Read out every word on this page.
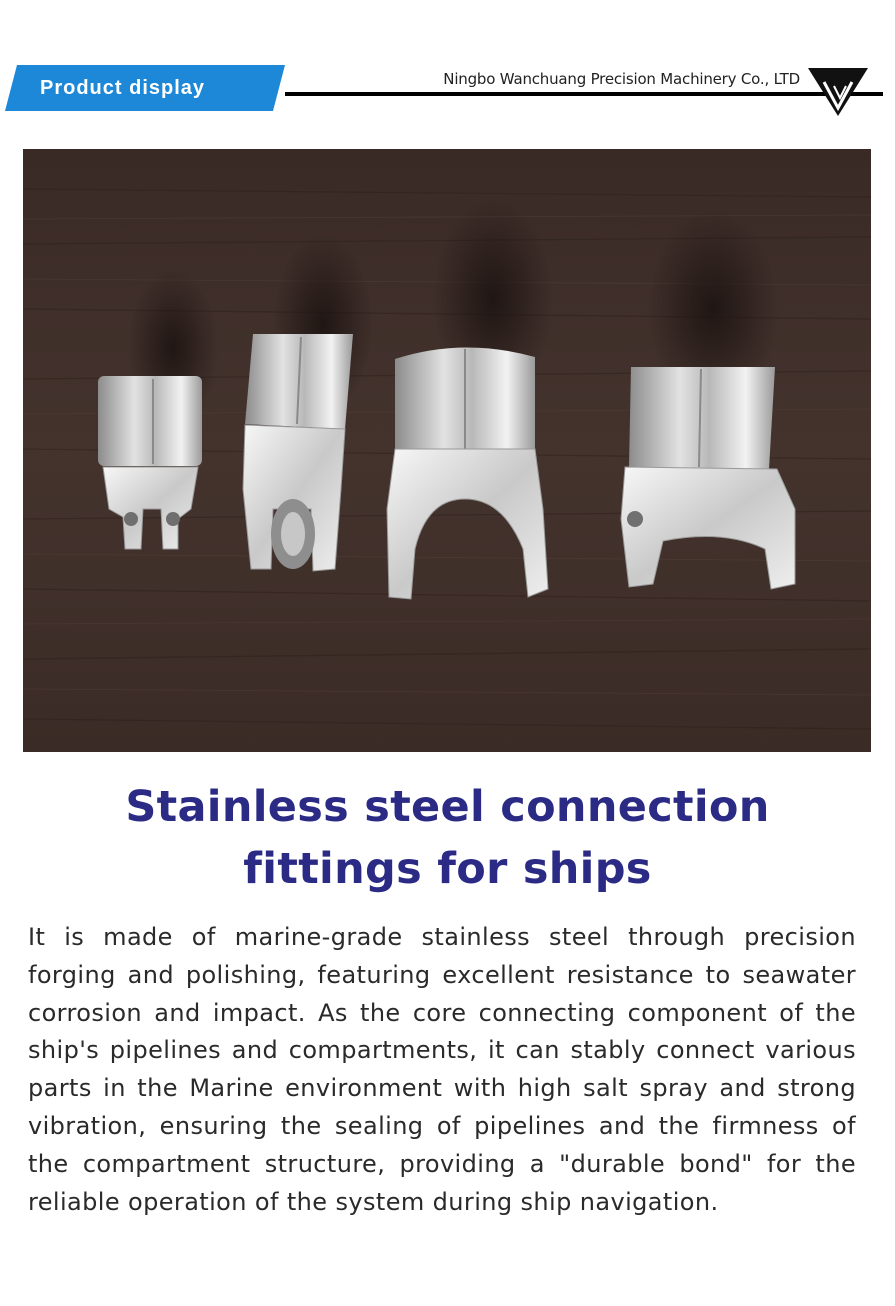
Product display	Ningbo Wanchuang Precision Machinery Co., LTD
Stainless steel connection
fittings for ships
It is made of marine-grade stainless steel through precision forging and polishing, featuring excellent resistance to seawater corrosion and impact. As the core connecting component of the ship's pipelines and compartments, it can stably connect various parts in the Marine environment with high salt spray and strong vibration, ensuring the sealing of pipelines and the firmness of the compartment structure, providing a "durable bond" for the reliable operation of the system during ship navigation.
